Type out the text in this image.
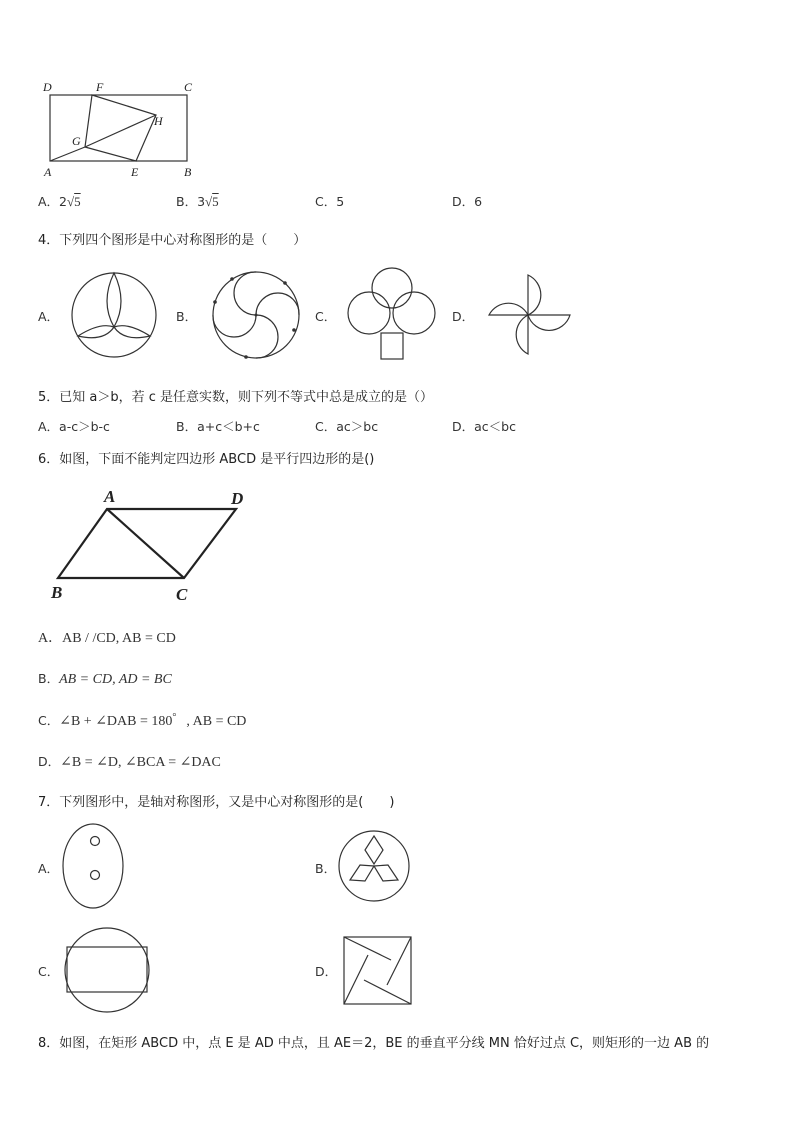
D	F	C
G
H
A	E	B
A．2√5	B．3√5	C．5	D．6
4．下列四个图形是中心对称图形的是（　　）
A．	B．	C．	D．
5．已知 a＞b，若 c 是任意实数，则下列不等式中总是成立的是（）
A．a-c＞b-c	B．a+c＜b+c	C．ac＞bc	D．ac＜bc
6．如图，下面不能判定四边形 ABCD 是平行四边形的是()
A	D
B	C
A．AB / /CD, AB = CD
B．AB = CD, AD = BC
C．∠B + ∠DAB = 180° , AB = CD
D．∠B = ∠D, ∠BCA = ∠DAC
7．下列图形中，是轴对称图形，又是中心对称图形的是(　　)
A．	B．
C．	D．
8．如图，在矩形 ABCD 中，点 E 是 AD 中点，且 AE＝2，BE 的垂直平分线 MN 恰好过点 C，则矩形的一边 AB 的
